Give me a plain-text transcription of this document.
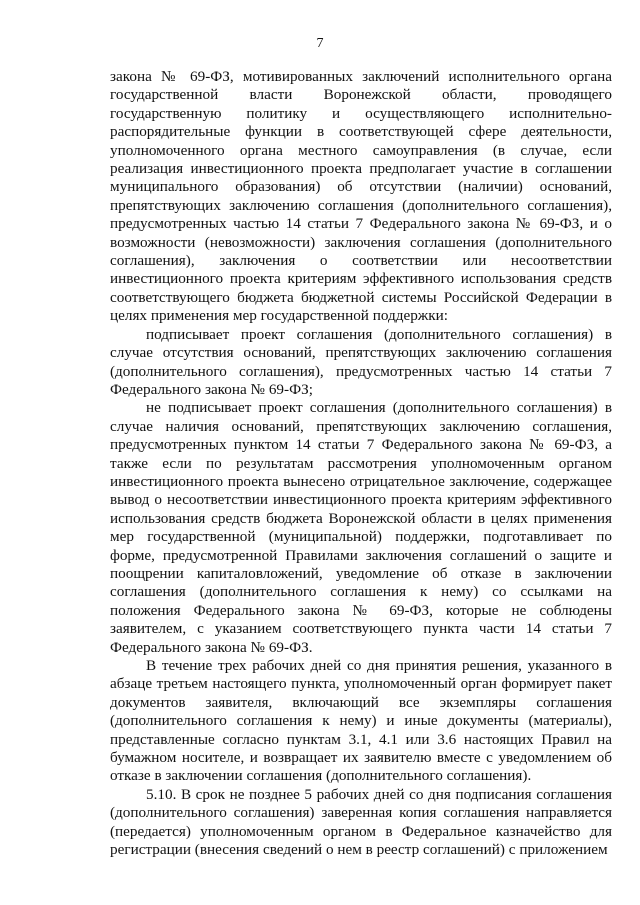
7

закона № 69-ФЗ, мотивированных заключений исполнительного органа государственной власти Воронежской области, проводящего государственную политику и осуществляющего исполнительно-распорядительные функции в соответствующей сфере деятельности, уполномоченного органа местного самоуправления (в случае, если реализация инвестиционного проекта предполагает участие в соглашении муниципального образования) об отсутствии (наличии) оснований, препятствующих заключению соглашения (дополнительного соглашения), предусмотренных частью 14 статьи 7 Федерального закона № 69-ФЗ, и о возможности (невозможности) заключения соглашения (дополнительного соглашения), заключения о соответствии или несоответствии инвестиционного проекта критериям эффективного использования средств соответствующего бюджета бюджетной системы Российской Федерации в целях применения мер государственной поддержки:

подписывает проект соглашения (дополнительного соглашения) в случае отсутствия оснований, препятствующих заключению соглашения (дополнительного соглашения), предусмотренных частью 14 статьи 7 Федерального закона № 69-ФЗ;

не подписывает проект соглашения (дополнительного соглашения) в случае наличия оснований, препятствующих заключению соглашения, предусмотренных пунктом 14 статьи 7 Федерального закона № 69-ФЗ, а также если по результатам рассмотрения уполномоченным органом инвестиционного проекта вынесено отрицательное заключение, содержащее вывод о несоответствии инвестиционного проекта критериям эффективного использования средств бюджета Воронежской области в целях применения мер государственной (муниципальной) поддержки, подготавливает по форме, предусмотренной Правилами заключения соглашений о защите и поощрении капиталовложений, уведомление об отказе в заключении соглашения (дополнительного соглашения к нему) со ссылками на положения Федерального закона № 69-ФЗ, которые не соблюдены заявителем, с указанием соответствующего пункта части 14 статьи 7 Федерального закона № 69-ФЗ.

В течение трех рабочих дней со дня принятия решения, указанного в абзаце третьем настоящего пункта, уполномоченный орган формирует пакет документов заявителя, включающий все экземпляры соглашения (дополнительного соглашения к нему) и иные документы (материалы), представленные согласно пунктам 3.1, 4.1 или 3.6 настоящих Правил на бумажном носителе, и возвращает их заявителю вместе с уведомлением об отказе в заключении соглашения (дополнительного соглашения).

5.10. В срок не позднее 5 рабочих дней со дня подписания соглашения (дополнительного соглашения) заверенная копия соглашения направляется (передается) уполномоченным органом в Федеральное казначейство для регистрации (внесения сведений о нем в реестр соглашений) с приложением
